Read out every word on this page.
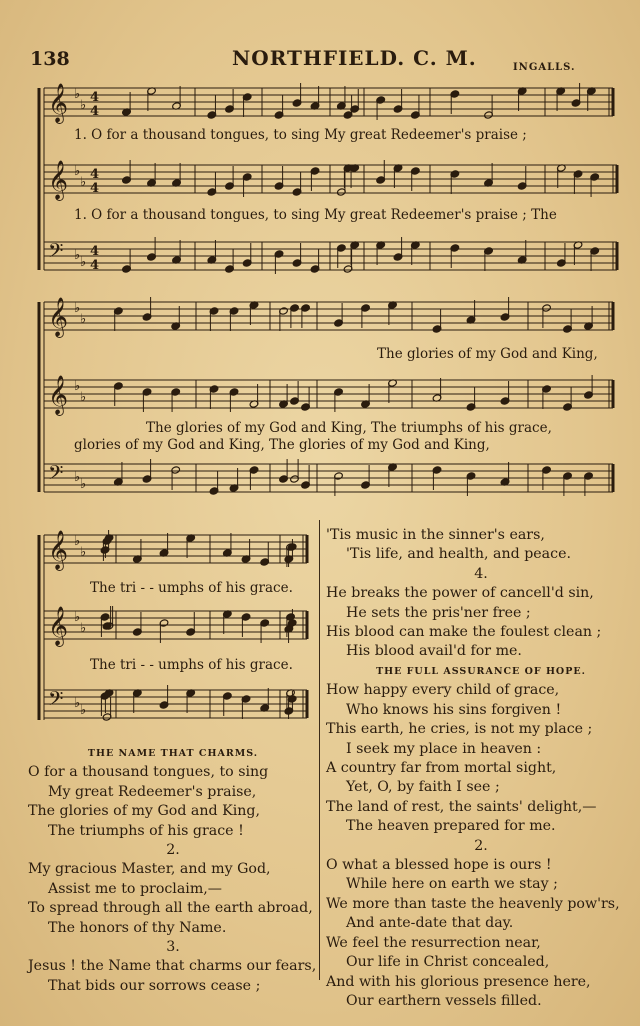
138	NORTHFIELD. C. M.	INGALLS.
𝄞 ♭
♭
4
4
𝄞 ♭
♭
4
4
𝄢 ♭ ♭
4
4
𝄞 ♭
♭
𝄞 ♭
♭
𝄢 ♭ ♭
𝄞 ♭
♭
𝄞 ♭
♭
𝄢 ♭ ♭
1. O for a thousand tongues, to sing My great Redeemer's praise ;
1. O for a thousand tongues, to sing My great Redeemer's praise ; The
The glories of my God and King,
The glories of my God and King, The triumphs of his grace,
glories of my God and King, The glories of my God and King,
The tri - - umphs of his grace.
The tri - - umphs of his grace.
THE NAME THAT CHARMS.
O for a thousand tongues, to sing
My great Redeemer's praise,
The glories of my God and King,
The triumphs of his grace !
2.
My gracious Master, and my God,
Assist me to proclaim,—
To spread through all the earth abroad,
The honors of thy Name.
3.
Jesus ! the Name that charms our fears,
That bids our sorrows cease ;
'Tis music in the sinner's ears,
'Tis life, and health, and peace.
4.
He breaks the power of cancell'd sin,
He sets the pris'ner free ;
His blood can make the foulest clean ;
His blood avail'd for me.
THE FULL ASSURANCE OF HOPE.
How happy every child of grace,
Who knows his sins forgiven !
This earth, he cries, is not my place ;
I seek my place in heaven :
A country far from mortal sight,
Yet, O, by faith I see ;
The land of rest, the saints' delight,—
The heaven prepared for me.
2.
O what a blessed hope is ours !
While here on earth we stay ;
We more than taste the heavenly pow'rs,
And ante-date that day.
We feel the resurrection near,
Our life in Christ concealed,
And with his glorious presence here,
Our earthern vessels filled.
